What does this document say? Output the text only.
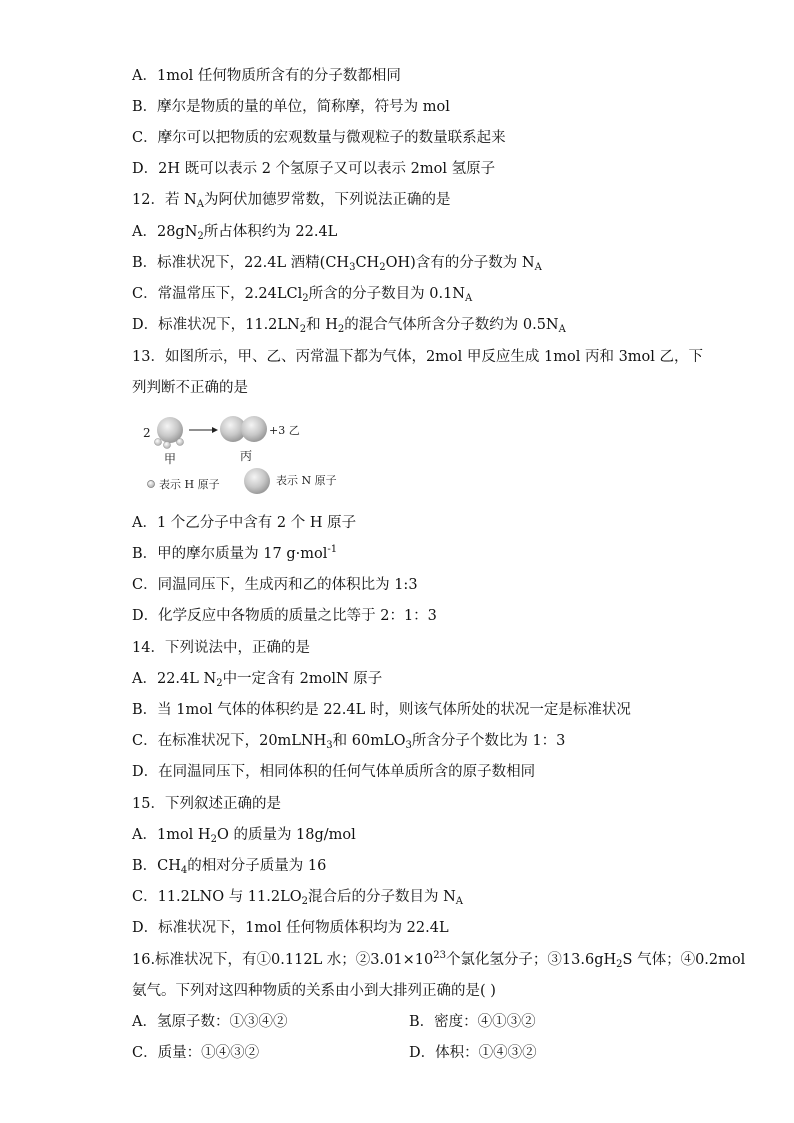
A．1mol 任何物质所含有的分子数都相同
B．摩尔是物质的量的单位，简称摩，符号为 mol
C．摩尔可以把物质的宏观数量与微观粒子的数量联系起来
D．2H 既可以表示 2 个氢原子又可以表示 2mol 氢原子
12．若 $N_A$为阿伏加德罗常数，下列说法正确的是
A．$28gN_2$所占体积约为 22.4L
B．标准状况下，22.4L 酒精$(CH_3CH_2OH)$含有的分子数为 $N_A$
C．常温常压下，2.24LCl$_2$所含的分子数目为 $0.1N_A$
D．标准状况下，$11.2LN_2$和 $H_2$的混合气体所含分子数约为 $0.5N_A$
13．如图所示，甲、乙、丙常温下都为气体，2mol 甲反应生成 1mol 丙和 3mol 乙，下
列判断不正确的是
2
甲	丙
+3 乙
表示 H 原子	表示 N 原子
A．1 个乙分子中含有 2 个 H 原子
B．甲的摩尔质量为 17 g·mol$^{-1}$
C．同温同压下，生成丙和乙的体积比为 1:3
D．化学反应中各物质的质量之比等于 2：1：3
14．下列说法中，正确的是
A．22.4L $N_2$中一定含有 2molN 原子
B．当 1mol 气体的体积约是 22.4L 时，则该气体所处的状况一定是标准状况
C．在标准状况下，20mLNH$_3$和 60mLO$_3$所含分子个数比为 1：3
D．在同温同压下，相同体积的任何气体单质所含的原子数相同
15．下列叙述正确的是
A．1mol $H_2O$ 的质量为 18g/mol
B．$CH_4$的相对分子质量为 16
C．11.2LNO 与 $11.2LO_2$混合后的分子数目为 $N_A$
D．标准状况下，1mol 任何物质体积均为 22.4L
16.标准状况下，有①0.112L 水；$②3.01\times 10^{23}$个氯化氢分子；$③13.6gH_2S$ 气体；④0.2mol
氨气。下列对这四种物质的关系由小到大排列正确的是( )
A．氢原子数：①③④②	B．密度：④①③②
C．质量：①④③②	D．体积：①④③②
